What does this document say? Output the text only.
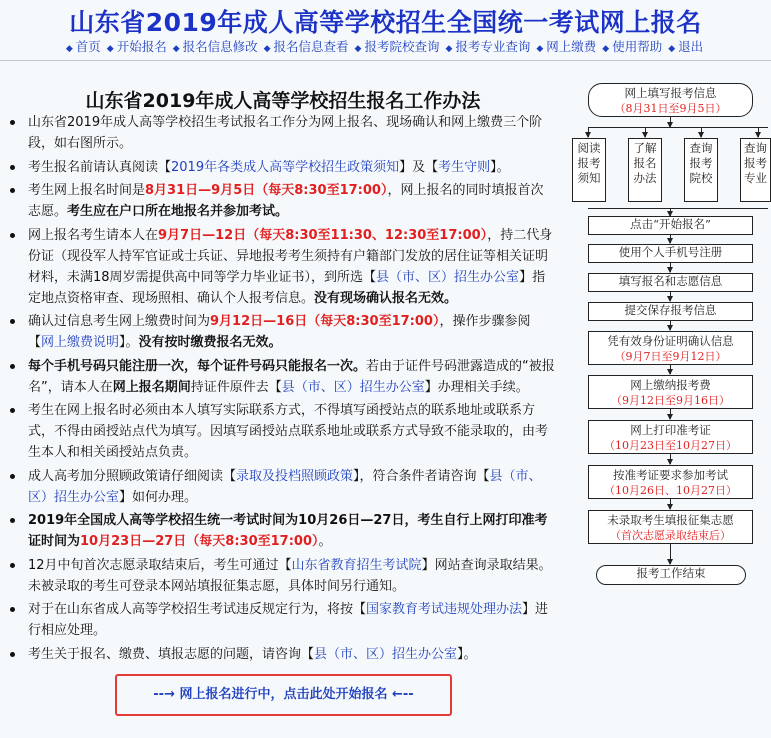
山东省2019年成人高等学校招生全国统一考试网上报名
◆ 首页 ◆ 开始报名 ◆ 报名信息修改 ◆ 报名信息查看 ◆ 报考院校查询 ◆ 报考专业查询 ◆ 网上缴费 ◆ 使用帮助 ◆ 退出
山东省2019年成人高等学校招生报名工作办法
山东省2019年成人高等学校招生考试报名工作分为网上报名、现场确认和网上缴费三个阶段，如右图所示。
考生报名前请认真阅读【2019年各类成人高等学校招生政策须知】及【考生守则】。
考生网上报名时间是8月31日—9月5日（每天8:30至17:00），网上报名的同时填报首次志愿。考生应在户口所在地报名并参加考试。
网上报名考生请本人在9月7日—12日（每天8:30至11:30、12:30至17:00），持二代身份证（现役军人持军官证或士兵证、异地报考考生须持有户籍部门发放的居住证等相关证明材料，未满18周岁需提供高中同等学力毕业证书），到所选【县（市、区）招生办公室】指定地点资格审查、现场照相、确认个人报考信息。没有现场确认报名无效。
确认过信息考生网上缴费时间为9月12日—16日（每天8:30至17:00），操作步骤参阅【网上缴费说明】。没有按时缴费报名无效。
每个手机号码只能注册一次，每个证件号码只能报名一次。若由于证件号码泄露造成的“被报名”，请本人在网上报名期间持证件原件去【县（市、区）招生办公室】办理相关手续。
考生在网上报名时必须由本人填写实际联系方式，不得填写函授站点的联系地址或联系方式，不得由函授站点代为填写。因填写函授站点联系地址或联系方式导致不能录取的，由考生本人和相关函授站点负责。
成人高考加分照顾政策请仔细阅读【录取及投档照顾政策】，符合条件者请咨询【县（市、区）招生办公室】如何办理。
2019年全国成人高等学校招生统一考试时间为10月26日—27日，考生自行上网打印准考证时间为10月23日—27日（每天8:30至17:00）。
12月中旬首次志愿录取结束后，考生可通过【山东省教育招生考试院】网站查询录取结果。未被录取的考生可登录本网站填报征集志愿，具体时间另行通知。
对于在山东省成人高等学校招生考试违反规定行为，将按【国家教育考试违规处理办法】进行相应处理。
考生关于报名、缴费、填报志愿的问题，请咨询【县（市、区）招生办公室】。
--→ 网上报名进行中，点击此处开始报名 ←--
网上填写报考信息
（8月31日至9月5日）
阅读报考须知
了解报名办法
查询报考院校
查询报考专业
点击“开始报名”
使用个人手机号注册
填写报名和志愿信息
提交保存报考信息
凭有效身份证明确认信息
（9月7日至9月12日）
网上缴纳报考费
（9月12日至9月16日）
网上打印准考证
（10月23日至10月27日）
按准考证要求参加考试
（10月26日、10月27日）
未录取考生填报征集志愿
（首次志愿录取结束后）
报考工作结束
